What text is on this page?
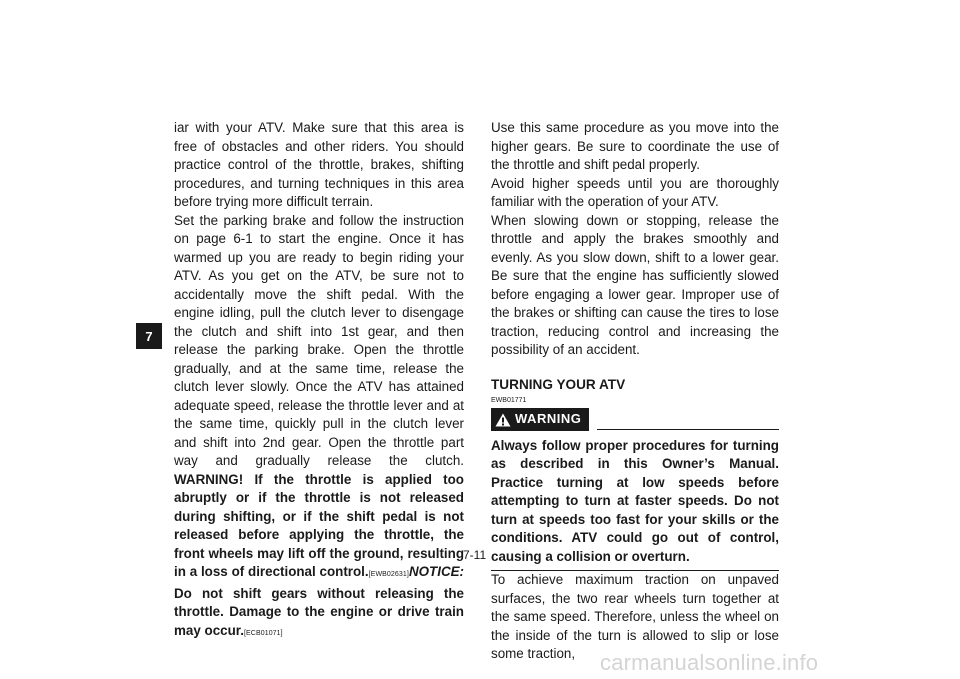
7

iar with your ATV. Make sure that this area is free of obstacles and other riders. You should practice control of the throttle, brakes, shifting procedures, and turning techniques in this area before trying more difficult terrain.

Set the parking brake and follow the instruction on page 6-1 to start the engine. Once it has warmed up you are ready to begin riding your ATV. As you get on the ATV, be sure not to accidentally move the shift pedal. With the engine idling, pull the clutch lever to disengage the clutch and shift into 1st gear, and then release the parking brake. Open the throttle gradually, and at the same time, release the clutch lever slowly. Once the ATV has attained adequate speed, release the throttle lever and at the same time, quickly pull in the clutch lever and shift into 2nd gear. Open the throttle part way and gradually release the clutch. WARNING! If the throttle is applied too abruptly or if the throttle is not released during shifting, or if the shift pedal is not released before applying the throttle, the front wheels may lift off the ground, resulting in a loss of directional control.[EWB02631]NOTICE: Do not shift gears without releasing the throttle. Damage to the engine or drive train may occur.[ECB01071]

Use this same procedure as you move into the higher gears. Be sure to coordinate the use of the throttle and shift pedal properly.

Avoid higher speeds until you are thoroughly familiar with the operation of your ATV.

When slowing down or stopping, release the throttle and apply the brakes smoothly and evenly. As you slow down, shift to a lower gear. Be sure that the engine has sufficiently slowed before engaging a lower gear. Improper use of the brakes or shifting can cause the tires to lose traction, reducing control and increasing the possibility of an accident.

TURNING YOUR ATV
EWB01771
WARNING
Always follow proper procedures for turning as described in this Owner’s Manual. Practice turning at low speeds before attempting to turn at faster speeds. Do not turn at speeds too fast for your skills or the conditions. ATV could go out of control, causing a collision or overturn.

To achieve maximum traction on unpaved surfaces, the two rear wheels turn together at the same speed. Therefore, unless the wheel on the inside of the turn is allowed to slip or lose some traction,

7-11
carmanualsonline.info
